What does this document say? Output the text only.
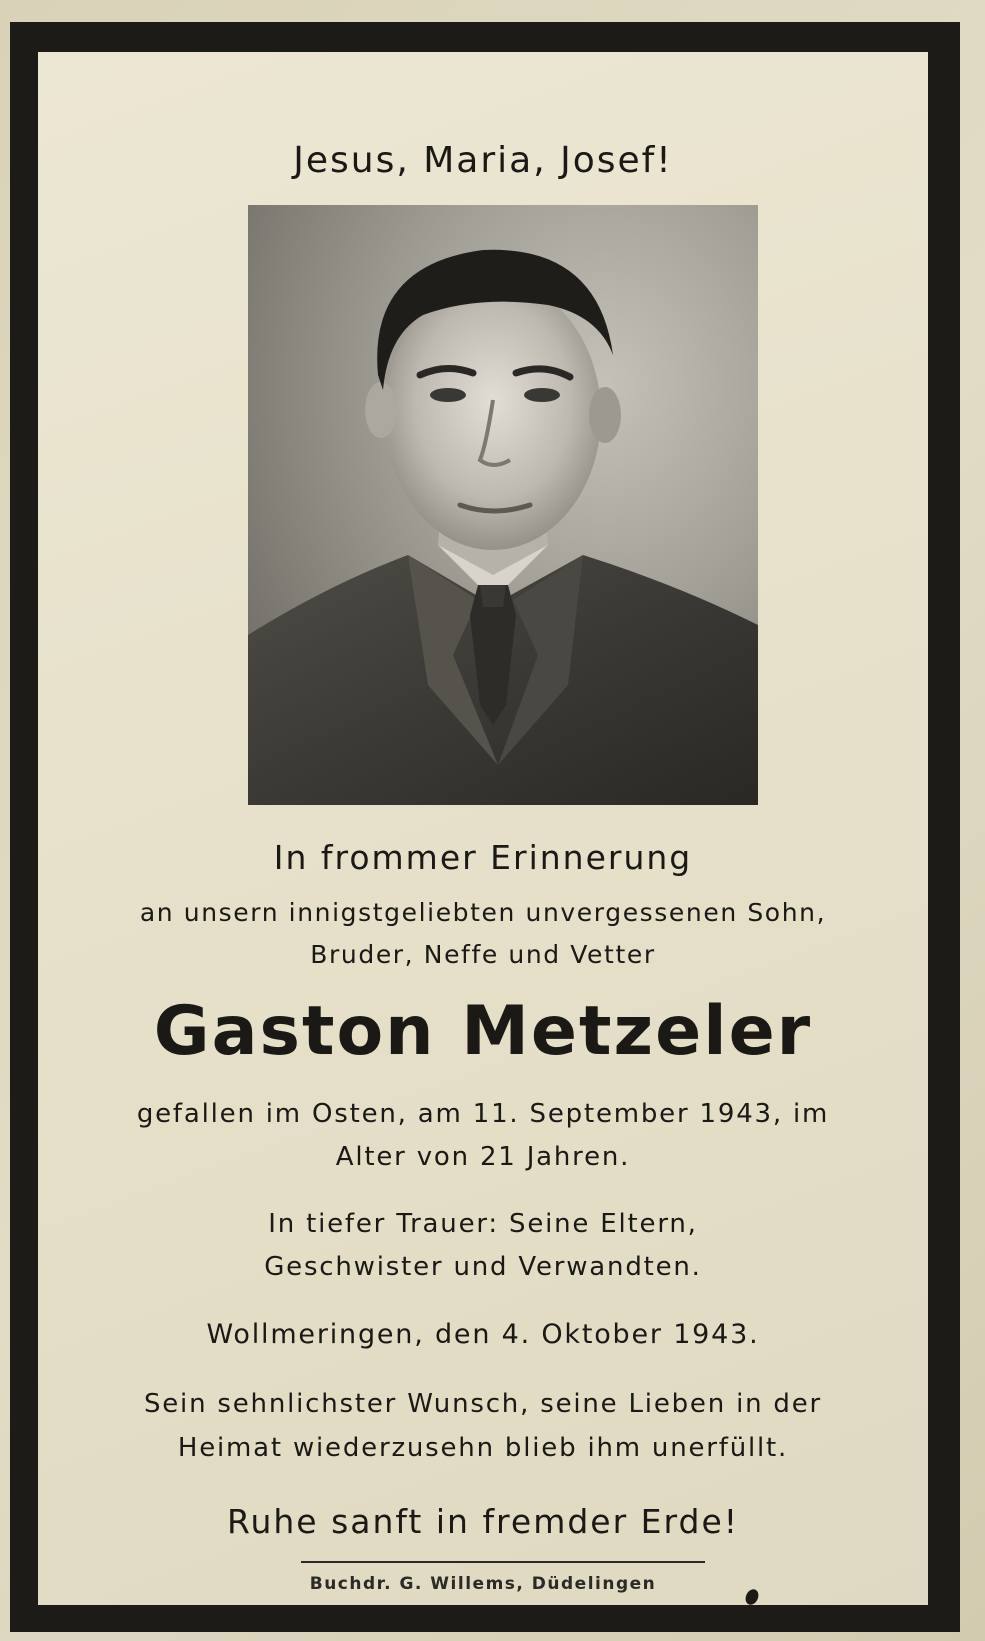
Jesus, Maria, Josef!
In frommer Erinnerung
an unsern innigstgeliebten unvergessenen Sohn,
Bruder, Neffe und Vetter
Gaston Metzeler
gefallen im Osten, am 11. September 1943, im
Alter von 21 Jahren.
In tiefer Trauer: Seine Eltern,
Geschwister und Verwandten.
Wollmeringen, den 4. Oktober 1943.
Sein sehnlichster Wunsch, seine Lieben in der
Heimat wiederzusehn blieb ihm unerfüllt.
Ruhe sanft in fremder Erde!
Buchdr. G. Willems, Düdelingen
